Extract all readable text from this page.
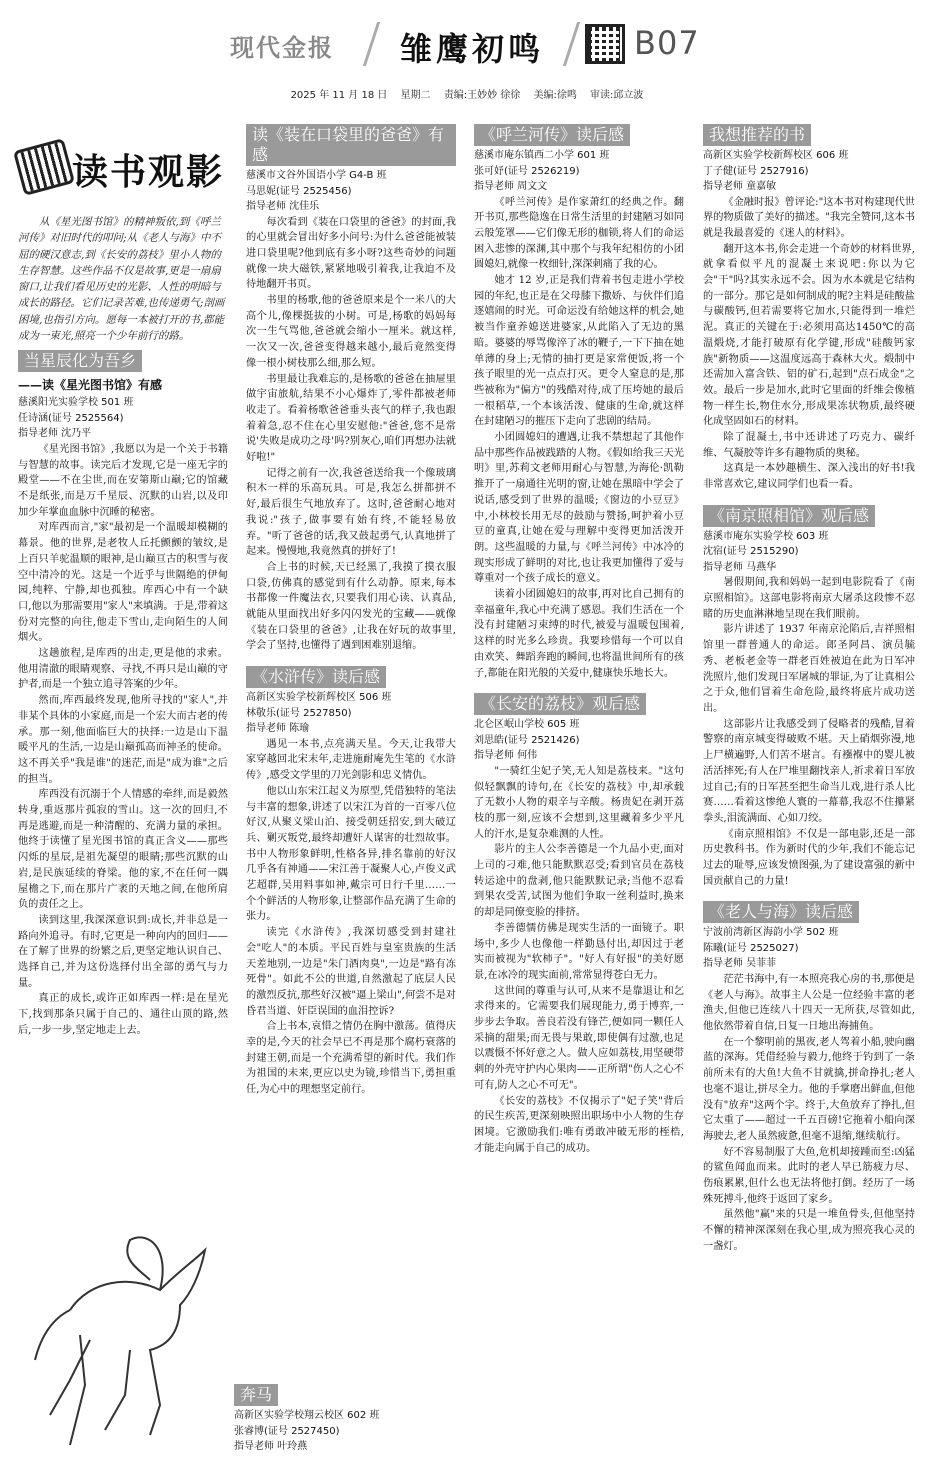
现代金报 雏鹰初鸣	B07
2025 年 11 月 18 日 星期二 责编:王妙妙 徐徐 美编:徐鸣 审读:邱立波
读书观影

从《星光图书馆》的精神叛依,到《呼兰河传》对旧时代的叩问;从《老人与海》中不屈的硬汉意志,到《长安的荔枝》里小人物的生存智慧。这些作品不仅是故事,更是一扇扇窗口,让我们看见历史的光影、人性的明暗与成长的路径。它们记录苦难,也传递勇气;剖画困境,也指引方向。愿每一本被打开的书,都能成为一束光,照亮一个少年前行的路。

当星辰化为吾乡
——读《星光图书馆》有感

慈溪阳光实验学校 501 班

任诗涵(证号 2525564)

指导老师 沈乃平

《星光图书馆》,我愿以为是一个关于书籍与智慧的故事。读完后才发现,它是一座无字的殿堂——不在尘世,而在安第斯山巅;它的馆藏不是纸张,而是万千星辰、沉默的山岩,以及印加少年掌血血脉中沉睡的秘密。

对库西而言,"家"最初是一个温暖却模糊的幕景。他的世界,是老牧人丘托颤颤的皱纹,是上百只羊驼温顺的眼神,是山巅亘古的积雪与夜空中清冷的光。这是一个近乎与世隔绝的伊甸园,纯粹、宁静,却也孤独。库西心中有一个缺口,他以为那需要用"家人"来填满。于是,带着这份对完整的向往,他走下雪山,走向陌生的人间烟火。

这趟旅程,是库西的出走,更是他的求索。他用清澈的眼睛观察、寻找,不再只是山巅的守护者,而是一个独立追寻答案的少年。

然而,库西最终发现,他所寻找的"家人",并非某个具体的小家庭,而是一个宏大而古老的传承。那一刻,他面临巨大的抉择:一边是山下温暖平凡的生活,一边是山巅孤高而神圣的使命。这不再关乎"我是谁"的迷茫,而是"成为谁"之后的担当。

库西没有沉溺于个人情感的牵绊,而是毅然转身,重返那片孤寂的雪山。这一次的回归,不再是逃避,而是一种清醒的、充满力量的承担。他终于读懂了星光图书馆的真正含义——那些闪烁的星辰,是祖先凝望的眼睛;那些沉默的山岩,是民族延续的脊梁。他的家,不在任何一隅屋檐之下,而在那片广袤的天地之间,在他所肩负的责任之上。

读到这里,我深深意识到:成长,并非总是一路向外追寻。有时,它更是一种向内的回归——在了解了世界的纷繁之后,更坚定地认识自己、选择自己,并为这份选择付出全部的勇气与力量。

真正的成长,或许正如库西一样:是在星光下,找到那条只属于自己的、通往山顶的路,然后,一步一步,坚定地走上去。

读《装在口袋里的爸爸》有感

慈溪市文谷外国语小学 G4-B 班

马思妮(证号 2525456)

指导老师 沈佳乐

每次看到《装在口袋里的爸爸》的封面,我的心里就会冒出好多小问号:为什么爸爸能被装进口袋里呢?他到底有多小呀?这些奇妙的问题就像一块大磁铁,紧紧地吸引着我,让我迫不及待地翻开书页。

书里的杨歌,他的爸爸原来是个一米八的大高个儿,像棵挺拔的小树。可是,杨歌的妈妈每次一生气骂他,爸爸就会缩小一厘米。就这样,一次又一次,爸爸变得越来越小,最后竟然变得像一根小树枝那么细,那么短。

书里最让我难忘的,是杨歌的爸爸在抽屉里做宇宙旅航,结果不小心爆炸了,零件都被老师收走了。看着杨歌爸爸垂头丧气的样子,我也跟着着急,忍不住在心里安慰他:"爸爸,您不是常说'失败是成功之母'吗?别灰心,咱们再想办法就好啦!"

记得之前有一次,我爸爸送给我一个像玻璃积木一样的乐高玩具。可是,我怎么拼都拼不好,最后很生气地放弃了。这时,爸爸耐心地对我说:"孩子,做事要有始有终,不能轻易放弃。"听了爸爸的话,我又鼓起勇气,认真地拼了起来。慢慢地,我竟然真的拼好了!

合上书的时候,天已经黑了,我摸了摸衣服口袋,仿佛真的感觉到有什么动静。原来,每本书都像一件魔法衣,只要我们用心读、认真品,就能从里面找出好多闪闪发光的宝藏——就像《装在口袋里的爸爸》,让我在好玩的故事里,学会了坚持,也懂得了遇到困难别退缩。

《水浒传》读后感

高新区实验学校新辉校区 506 班

林敬乐(证号 2527850)

指导老师 陈瑜

遇见一本书,点亮满天星。今天,让我带大家穿越回北宋末年,走进施耐庵先生笔的《水浒传》,感受文学里的刀光剑影和忠义情仇。

他以山东宋江起义为原型,凭借独特的笔法与丰富的想象,讲述了以宋江为首的一百零八位好汉,从聚义梁山泊、接受朝廷招安,到大破辽兵、剿灭叛党,最终却遭奸人谋害的壮烈故事。书中人物形象鲜明,性格各异,排名靠前的好汉几乎各有神通——宋江善于凝聚人心,卢俊义武艺超群,吴用料事如神,戴宗可日行千里……一个个鲜活的人物形象,让整部作品充满了生命的张力。

读完《水浒传》,我深切感受到封建社会"吃人"的本质。平民百姓与皇室贵族的生活天差地别,一边是"朱门酒肉臭",一边是"路有冻死骨"。如此不公的世道,自然激起了底层人民的激烈反抗,那些好汉被"逼上梁山",何尝不是对昏君当道、奸臣误国的血泪控诉?

合上书本,哀惜之情仍在胸中激荡。值得庆幸的是,今天的社会早已不再是那个腐朽衰落的封建王朝,而是一个充满希望的新时代。我们作为祖国的未来,更应以史为镜,珍惜当下,勇担重任,为心中的理想坚定前行。

奔马

高新区实验学校翔云校区 602 班

张睿博(证号 2527450)

指导老师 叶玲燕

《呼兰河传》读后感

慈溪市庵东镇西二小学 601 班

张可妤(证号 2526219)

指导老师 周文文

《呼兰河传》是作家萧红的经典之作。翻开书页,那些隐逸在日常生活里的封建陋习如同云般笼罩——它们像无形的枷锁,将人们的命运困入悲惨的深渊,其中那个与我年纪相仿的小团圆媳妇,就像一枚细针,深深刺痛了我的心。

她才 12 岁,正是我们背着书包走进小学校园的年纪,也正是在父母膝下撒娇、与伙伴们追逐嬉闹的时光。可命运没有给她这样的机会,她被当作童养媳送进婆家,从此陷入了无边的黑暗。婆婆的辱骂像淬了冰的鞭子,一下下抽在她单薄的身上;无情的抽打更是家常便饭,将一个孩子眼里的光一点点打灭。更令人窒息的是,那些被称为"偏方"的残酷对待,成了压垮她的最后一根稻草,一个本该活泼、健康的生命,就这样在封建陋习的摧压下走向了悲剧的结局。

小团圆媳妇的遭遇,让我不禁想起了其他作品中那些作品被践踏的人物。《假如给我三天光明》里,苏莉文老师用耐心与智慧,为海伦·凯勒推开了一扇通往光明的窗,让她在黑暗中学会了说话,感受到了世界的温暖;《窗边的小豆豆》中,小林校长用无尽的鼓励与赞扬,呵护着小豆豆的童真,让她在爱与理解中变得更加活泼开朗。这些温暖的力量,与《呼兰河传》中冰冷的现实形成了鲜明的对比,也让我更加懂得了爱与尊重对一个孩子成长的意义。

读着小团圆媳妇的故事,再对比自己拥有的幸福童年,我心中充满了感恩。我们生活在一个没有封建陋习束缚的时代,被爱与温暖包围着,这样的时光多么珍贵。我要珍惜每一个可以自由欢笑、舞蹈奔跑的瞬间,也将温世间所有的孩子,都能在阳光般的关爱中,健康快乐地长大。

《长安的荔枝》观后感

北仑区岷山学校 605 班

刘思皓(证号 2521426)

指导老师 何伟

"一骑红尘妃子笑,无人知是荔枝来。"这句似轻飘飘的诗句,在《长安的荔枝》中,却承载了无数小人物的艰辛与辛酸。杨贵妃在剥开荔枝的那一刻,应该不会想到,这里藏着多少平凡人的汗水,是复杂难测的人性。

影片的主人公李善德是一个九品小吏,面对上司的刁难,他只能默默忍受;看到官员在荔枝转运途中的盘剥,他只能默默记录;当他不忍看到果农受苦,试图为他们争取一丝利益时,换来的却是同僚变脸的排挤。

李善德懦仿佛是现实生活的一面镜子。职场中,多少人也像他一样勤恳付出,却因过于老实而被视为"软柿子"。"好人有好报"的美好愿景,在冰冷的现实面前,常常显得苍白无力。

这世间的尊重与认可,从来不是靠退让和乞求得来的。它需要我们展现能力,勇于博弈,一步步去争取。善良若没有锋芒,便如同一颗任人采摘的甜果;而无畏与果敢,即使偶有过激,也足以震慑不怀好意之人。做人应如荔枝,用坚硬带刺的外壳守护内心果肉——正所谓"伤人之心不可有,防人之心不可无"。

《长安的荔枝》不仅揭示了"妃子笑"背后的民生疾苦,更深刻映照出职场中小人物的生存困境。它激励我们:唯有勇敢冲破无形的桎梏,才能走向属于自己的成功。

我想推荐的书

高新区实验学校新辉校区 606 班

丁子健(证号 2527916)

指导老师 童嘉敏

《金融时报》曾评论:"这本书对构建现代世界的物质做了美好的描述。"我完全赞同,这本书就是我最喜爱的《迷人的材料》。

翻开这本书,你会走进一个奇妙的材料世界,就拿看似平凡的混凝土来说吧:你以为它会"干"吗?其实永远不会。因为水本就是它结构的一部分。那它是如何制成的呢?主料是硅酸盐与碳酸钙,但若需要将它加水,只能得到一堆烂泥。真正的关键在于:必须用高达1450℃的高温煅烧,才能打破原有化学键,形成"硅酸钙家族"新物质——这温度远高于森林大火。煅制中还需加入富含铁、铝的矿石,起到"点石成金"之效。最后一步是加水,此时它里面的纤维会像植物一样生长,物住水分,形成果冻状物质,最终硬化成坚固如石的材料。

除了混凝土,书中还讲述了巧克力、碳纤维、气凝胶等许多有趣物质的奥秘。

这真是一本妙趣横生、深入浅出的好书!我非常喜欢它,建议同学们也看一看。

《南京照相馆》观后感

慈溪市庵东实验学校 603 班

沈宿(证号 2515290)

指导老师 马燕华

暑假期间,我和妈妈一起到电影院看了《南京照相馆》。这部电影将南京大屠杀这段惨不忍睹的历史血淋淋地呈现在我们眼前。

影片讲述了 1937 年南京沦陷后,吉祥照相馆里一群普通人的命运。郎圣阿昌、演员毓秀、老板老金等一群老百姓被迫在此为日军冲洗照片,他们发现日军屠城的罪证,为了让真相公之于众,他们冒着生命危险,最终将底片成功送出。

这部影片让我感受到了侵略者的残酷,冒着警察的南京城变得破败不堪。天上硝烟弥漫,地上尸横遍野,人们苦不堪言。有襁褓中的婴儿被活活摔死;有人在尸堆里翻找亲人,祈求着日军放过自己;有的日军甚至把生命当儿戏,进行杀人比赛……看着这惨绝人寰的一幕幕,我忍不住攥紧拳头,泪流满面、心如刀绞。

《南京照相馆》不仅是一部电影,还是一部历史教科书。作为新时代的少年,我们不能忘记过去的耻辱,应该发愤图强,为了建设富强的新中国贡献自己的力量!

《老人与海》读后感

宁波前湾新区海韵小学 502 班

陈曦(证号 2525027)

指导老师 吴菲菲

茫茫书海中,有一本照亮我心房的书,那便是《老人与海》。故事主人公是一位经验丰富的老渔夫,但他已连续八十四天一无所获,尽管如此,他依然带着自信,日复一日地出海捕鱼。

在一个黎明前的黑夜,老人驾着小船,驶向幽蓝的深海。凭借经验与毅力,他终于钓到了一条前所未有的大鱼!大鱼不甘就擒,拼命挣扎;老人也毫不退让,拼尽全力。他的手掌磨出鲜血,但他没有"放弃"这两个字。终于,大鱼放弃了挣扎,但它太重了——超过一千五百磅!它拖着小船向深海驶去,老人虽然疲惫,但毫不退缩,继续航行。

好不容易制服了大鱼,危机却接踵而至:凶猛的鲨鱼闻血而来。此时的老人早已筋疲力尽、伤痕累累,但什么也无法将他打倒。经历了一场殊死搏斗,他终于返回了家乡。

虽然他"赢"来的只是一堆鱼骨头,但他坚持不懈的精神深深刻在我心里,成为照亮我心灵的一盏灯。
